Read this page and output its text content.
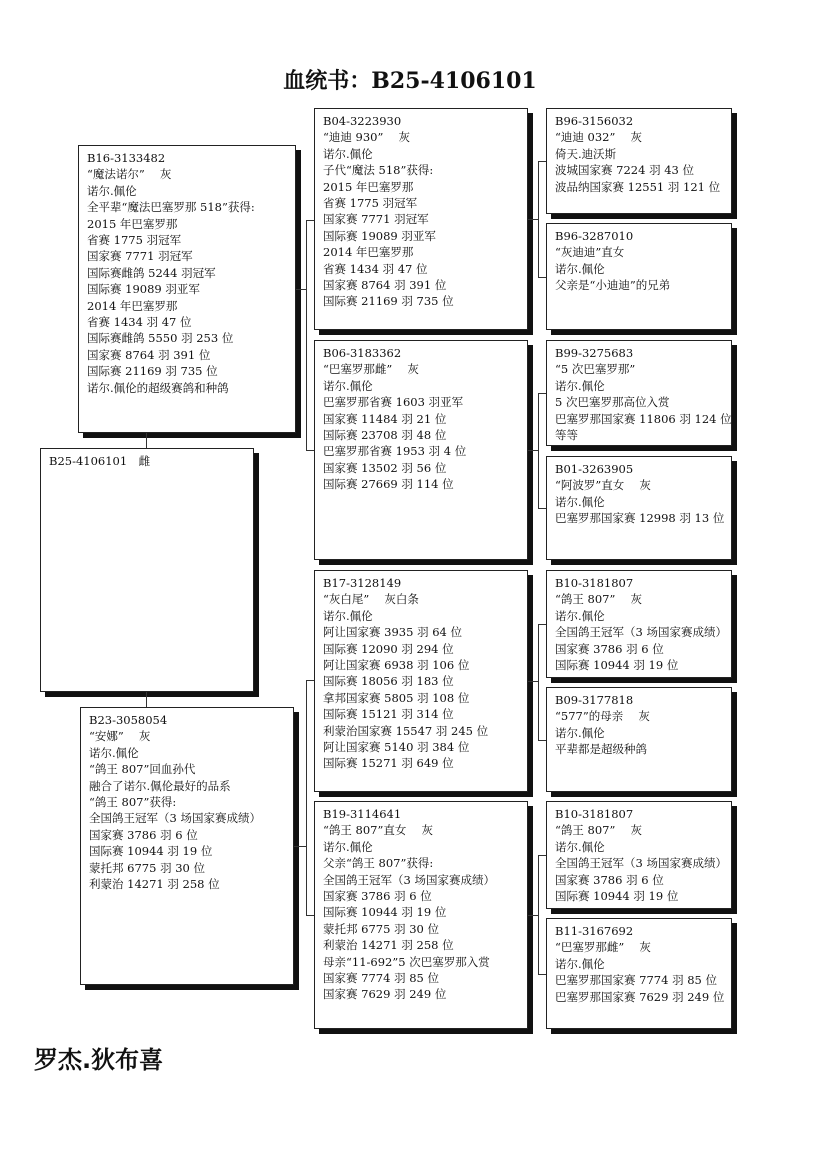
血统书：B25-4106101
B16-3133482
“魔法诺尔”　 灰
诺尔.佩伦
全平辈“魔法巴塞罗那 518”获得:
2015 年巴塞罗那
省赛 1775 羽冠军
国家赛 7771 羽冠军
国际赛雌鸽 5244 羽冠军
国际赛 19089 羽亚军
2014 年巴塞罗那
省赛 1434 羽 47 位
国际赛雌鸽 5550 羽 253 位
国家赛 8764 羽 391 位
国际赛 21169 羽 735 位
诺尔.佩伦的超级赛鸽和种鸽
B25-4106101　雌
B23-3058054
“安娜”　 灰
诺尔.佩伦
“鸽王 807”回血孙代
融合了诺尔.佩伦最好的品系
“鸽王 807”获得:
全国鸽王冠军（3 场国家赛成绩）
国家赛 3786 羽 6 位
国际赛 10944 羽 19 位
蒙托邦 6775 羽 30 位
利蒙治 14271 羽 258 位
B04-3223930
“迪迪 930”　 灰
诺尔.佩伦
子代“魔法 518”获得:
2015 年巴塞罗那
省赛 1775 羽冠军
国家赛 7771 羽冠军
国际赛 19089 羽亚军
2014 年巴塞罗那
省赛 1434 羽 47 位
国家赛 8764 羽 391 位
国际赛 21169 羽 735 位
B06-3183362
“巴塞罗那雌”　 灰
诺尔.佩伦
巴塞罗那省赛 1603 羽亚军
国家赛 11484 羽 21 位
国际赛 23708 羽 48 位
巴塞罗那省赛 1953 羽 4 位
国家赛 13502 羽 56 位
国际赛 27669 羽 114 位
B17-3128149
“灰白尾”　 灰白条
诺尔.佩伦
阿让国家赛 3935 羽 64 位
国际赛 12090 羽 294 位
阿让国家赛 6938 羽 106 位
国际赛 18056 羽 183 位
拿邦国家赛 5805 羽 108 位
国际赛 15121 羽 314 位
利蒙治国家赛 15547 羽 245 位
阿让国家赛 5140 羽 384 位
国际赛 15271 羽 649 位
B19-3114641
“鸽王 807”直女　 灰
诺尔.佩伦
父亲“鸽王 807”获得:
全国鸽王冠军（3 场国家赛成绩）
国家赛 3786 羽 6 位
国际赛 10944 羽 19 位
蒙托邦 6775 羽 30 位
利蒙治 14271 羽 258 位
母亲“11-692”5 次巴塞罗那入赏
国家赛 7774 羽 85 位
国家赛 7629 羽 249 位
B96-3156032
“迪迪 032”　 灰
倚天.迪沃斯
波城国家赛 7224 羽 43 位
波品纳国家赛 12551 羽 121 位
B96-3287010
“灰迪迪”直女
诺尔.佩伦
父亲是“小迪迪”的兄弟
B99-3275683
“5 次巴塞罗那”
诺尔.佩伦
5 次巴塞罗那高位入赏
巴塞罗那国家赛 11806 羽 124 位
等等
B01-3263905
“阿波罗”直女　 灰
诺尔.佩伦
巴塞罗那国家赛 12998 羽 13 位
B10-3181807
“鸽王 807”　 灰
诺尔.佩伦
全国鸽王冠军（3 场国家赛成绩）
国家赛 3786 羽 6 位
国际赛 10944 羽 19 位
B09-3177818
“577”的母亲　 灰
诺尔.佩伦
平辈都是超级种鸽
B10-3181807
“鸽王 807”　 灰
诺尔.佩伦
全国鸽王冠军（3 场国家赛成绩）
国家赛 3786 羽 6 位
国际赛 10944 羽 19 位
B11-3167692
“巴塞罗那雌”　 灰
诺尔.佩伦
巴塞罗那国家赛 7774 羽 85 位
巴塞罗那国家赛 7629 羽 249 位
罗杰.狄布喜
